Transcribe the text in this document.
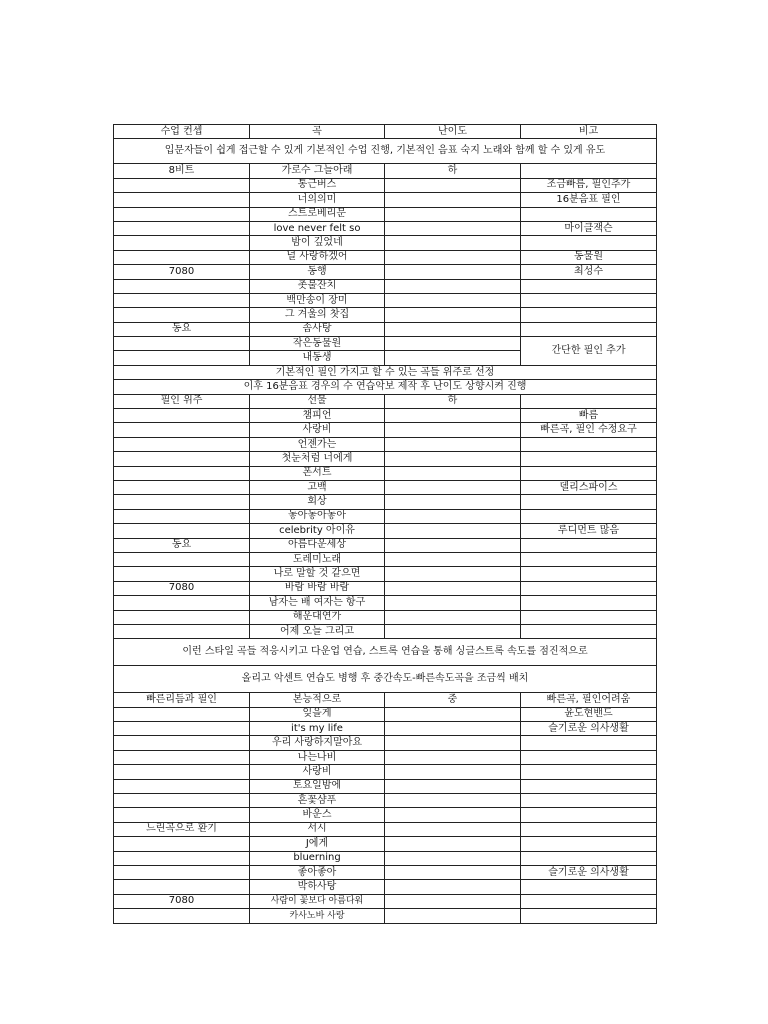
수업 컨셉	곡	난이도	비고
입문자들이 쉽게 접근할 수 있게 기본적인 수업 진행, 기본적인 음표 숙지 노래와 함께 할 수 있게 유도			
8비트	가로수 그늘아래	하	
	통근버스		조금빠름, 필인추가
	너의의미		16분음표 필인
	스트로베리문		
	love never felt so		마이클잭슨
	밤이 깊었네		
	널 사랑하겠어		동물원
7080	동행		최성수
	촛불잔치		
	백만송이 장미		
	그 겨울의 찻집		
동요	솜사탕		
	작은동물원		간단한 필인 추가
	내동생		
기본적인 필인 가지고 할 수 있는 곡들 위주로 선정			
이후 16분음표 경우의 수 연습악보 제작 후 난이도 상향시켜 진행			
필인 위주	선물	하	
	챔피언		빠름
	사랑비		빠른곡, 필인 수정요구
	언젠가는		
	첫눈처럼 너에게		
	폰서트		
	고백		델리스파이스
	회상		
	놓아놓아놓아		
	celebrity 아이유		루디먼트 많음
동요	아름다운세상		
	도레미노래		
	나로 말할 것 같으면		
7080	바람 바람 바람		
	남자는 배 여자는 항구		
	해운대연가		
	어제 오늘 그리고		
이런 스타일 곡들 적응시키고 다운업 연습, 스트록 연습을 통해 싱글스트록 속도를 점진적으로			
올리고 악센트 연습도 병행 후 중간속도-빠른속도곡을 조금씩 배치			
빠른리듬과 필인	본능적으로	중	빠른곡, 필인어려움
	잊을게		윤도현밴드
	it's my life		슬기로운 의사생활
	우리 사랑하지말아요		
	나는나비		
	사랑비		
	토요일밤에		
	흔꽃샴푸		
	바운스		
느린곡으로 환기	서시		
	J에게		
	bluerning		
	좋아좋아		슬기로운 의사생활
	박하사탕		
7080	사람이 꽃보다 아름다워		
	카사노바 사랑		
